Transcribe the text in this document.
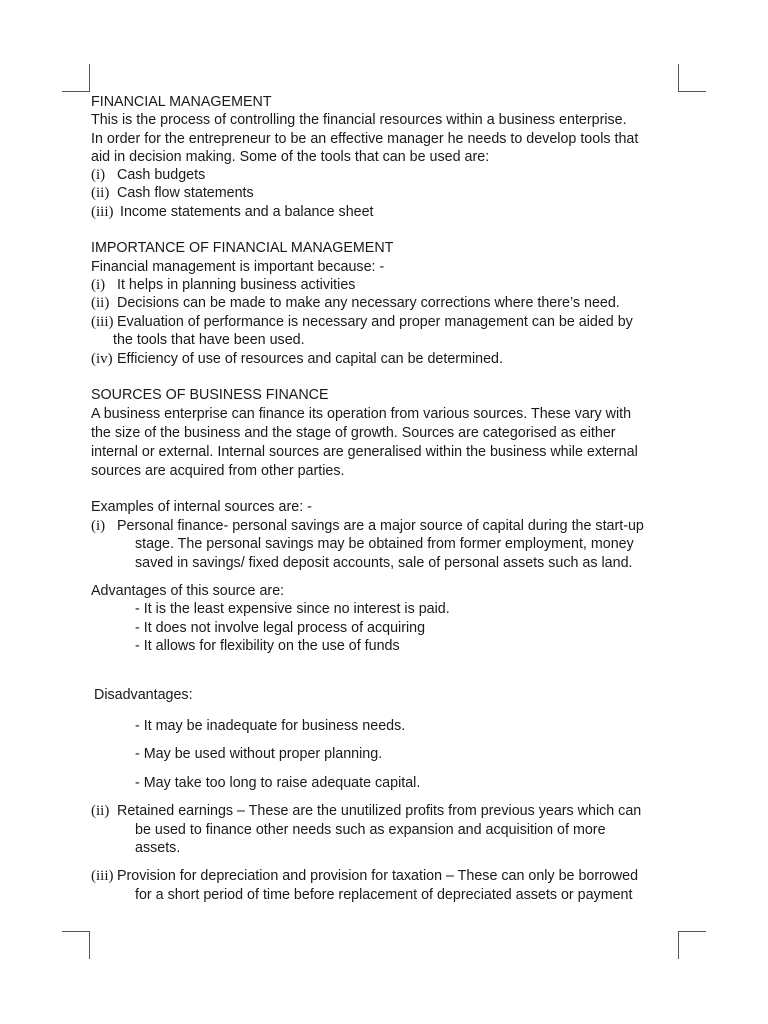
FINANCIAL MANAGEMENT
This is the process of controlling the financial resources within a business enterprise.
In order for the entrepreneur to be an effective manager he needs to develop tools that
aid in decision making. Some of the tools that can be used are:
(i) Cash budgets
(ii) Cash flow statements
(iii) Income statements and a balance sheet
IMPORTANCE OF FINANCIAL MANAGEMENT
Financial management is important because: -
(i) It helps in planning business activities
(ii) Decisions can be made to make any necessary corrections where there’s need.
(iii) Evaluation of performance is necessary and proper management can be aided by
the tools that have been used.
(iv) Efficiency of use of resources and capital can be determined.
SOURCES OF BUSINESS FINANCE
A business enterprise can finance its operation from various sources. These vary with
the size of the business and the stage of growth. Sources are categorised as either
internal or external. Internal sources are generalised within the business while external
sources are acquired from other parties.
Examples of internal sources are: -
(i) Personal finance- personal savings are a major source of capital during the start-up
stage. The personal savings may be obtained from former employment, money
saved in savings/ fixed deposit accounts, sale of personal assets such as land.
Advantages of this source are:
- It is the least expensive since no interest is paid.
- It does not involve legal process of acquiring
- It allows for flexibility on the use of funds
Disadvantages:
- It may be inadequate for business needs.
- May be used without proper planning.
- May take too long to raise adequate capital.
(ii) Retained earnings – These are the unutilized profits from previous years which can
be used to finance other needs such as expansion and acquisition of more
assets.
(iii) Provision for depreciation and provision for taxation – These can only be borrowed
for a short period of time before replacement of depreciated assets or payment
